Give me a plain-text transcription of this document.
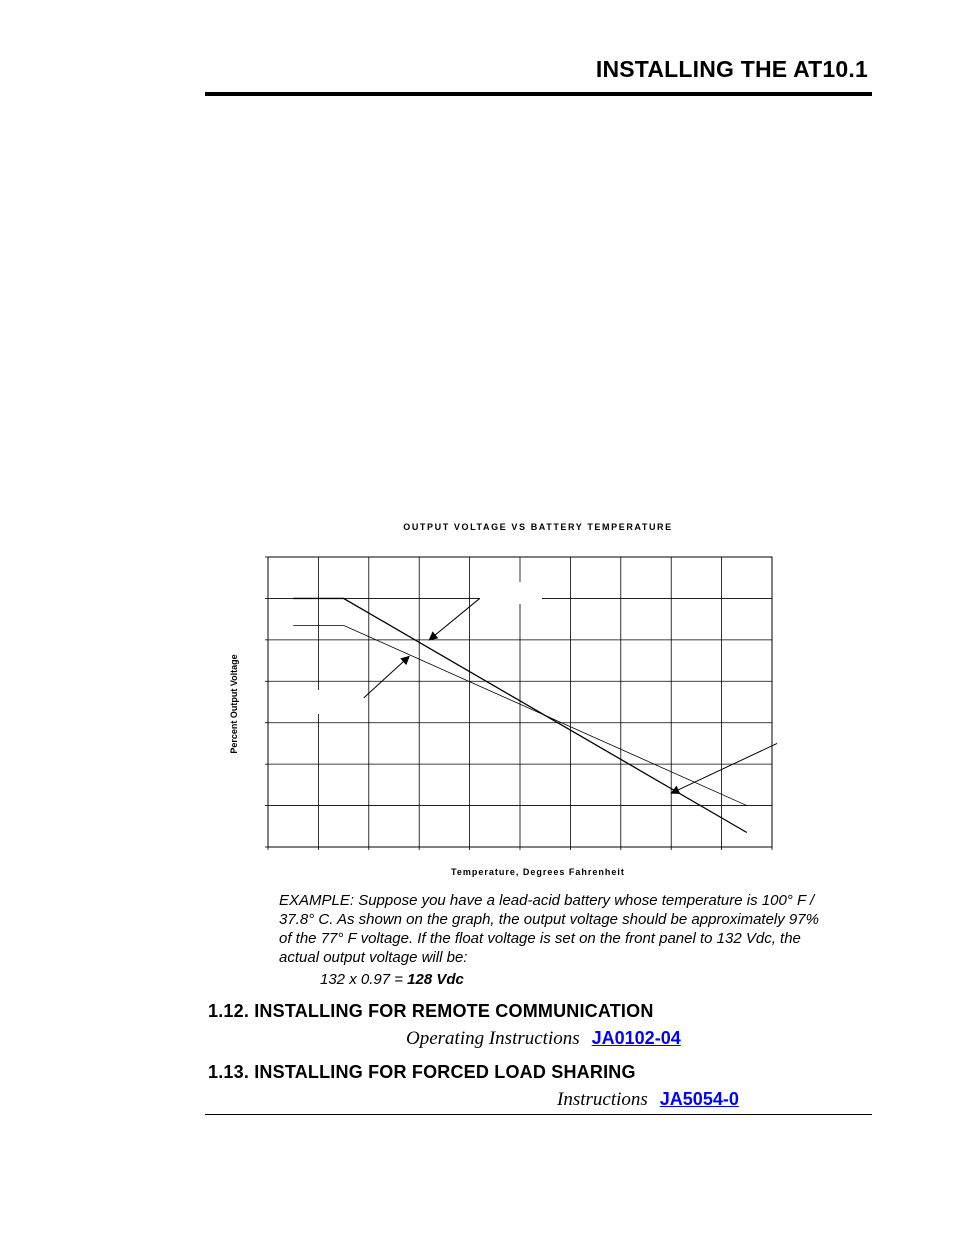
INSTALLING THE AT10.1
OUTPUT VOLTAGE VS BATTERY TEMPERATURE
Percent Output Voltage
Temperature, Degrees Fahrenheit
EXAMPLE: Suppose you have a lead-acid battery whose temperature is 100° F / 37.8° C. As shown on the graph, the output voltage should be approximately 97% of the 77° F voltage. If the float voltage is set on the front panel to 132 Vdc, the actual output voltage will be:
132 x 0.97 = 128 Vdc
1.12. INSTALLING FOR REMOTE COMMUNICATION
Operating Instructions JA0102-04
1.13. INSTALLING FOR FORCED LOAD SHARING
Instructions JA5054-0
